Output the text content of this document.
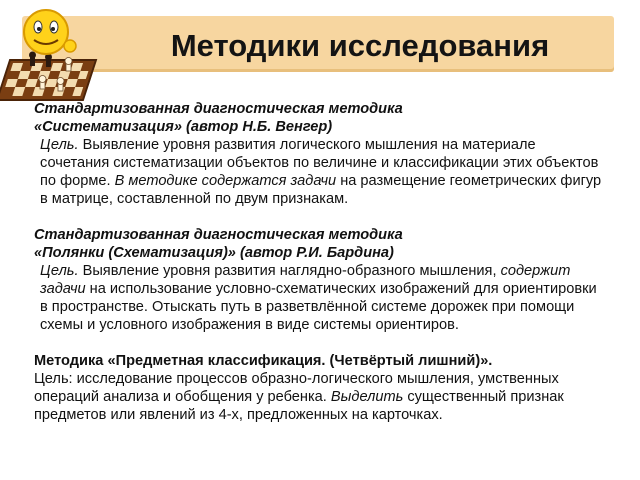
Методики исследования

Стандартизованная диагностическая методика

«Систематизация» (автор Н.Б. Венгер)

Цель. Выявление уровня развития логического мышления на материале сочетания систематизации объектов по величине и классификации этих объектов по форме. В методике содержатся задачи на размещение геометрических фигур в матрице, составленной по двум признакам.

Стандартизованная диагностическая методика

«Полянки (Схематизация)» (автор Р.И. Бардина)

Цель. Выявление уровня развития наглядно-образного мышления, содержит задачи на использование условно-схематических изображений для ориентировки в пространстве. Отыскать путь в разветвлённой системе дорожек при помощи схемы и условного изображения в виде системы ориентиров.

Методика «Предметная классификация. (Четвёртый лишний)».

Цель: исследование процессов образно-логического мышления, умственных операций анализа и обобщения у ребенка. Выделить существенный признак предметов или явлений из 4-х, предложенных на карточках.
